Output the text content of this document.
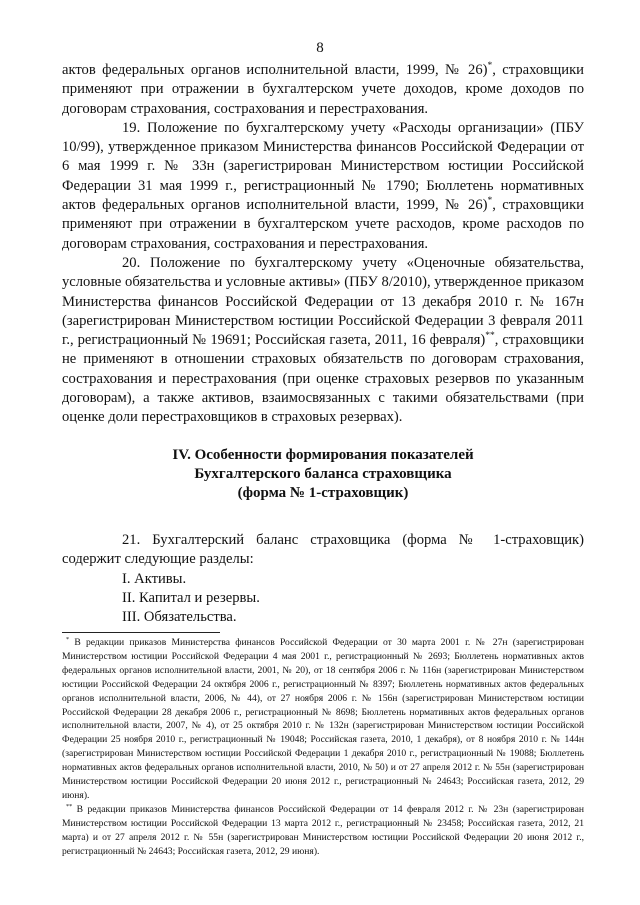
8

актов федеральных органов исполнительной власти, 1999, № 26)*, страховщики применяют при отражении в бухгалтерском учете доходов, кроме доходов по договорам страхования, сострахования и перестрахования.

19. Положение по бухгалтерскому учету «Расходы организации» (ПБУ 10/99), утвержденное приказом Министерства финансов Российской Федерации от 6 мая 1999 г. № 33н (зарегистрирован Министерством юстиции Российской Федерации 31 мая 1999 г., регистрационный № 1790; Бюллетень нормативных актов федеральных органов исполнительной власти, 1999, № 26)*, страховщики применяют при отражении в бухгалтерском учете расходов, кроме расходов по договорам страхования, сострахования и перестрахования.

20. Положение по бухгалтерскому учету «Оценочные обязательства, условные обязательства и условные активы» (ПБУ 8/2010), утвержденное приказом Министерства финансов Российской Федерации от 13 декабря 2010 г. № 167н (зарегистрирован Министерством юстиции Российской Федерации 3 февраля 2011 г., регистрационный № 19691; Российская газета, 2011, 16 февраля)**, страховщики не применяют в отношении страховых обязательств по договорам страхования, сострахования и перестрахования (при оценке страховых резервов по указанным договорам), а также активов, взаимосвязанных с такими обязательствами (при оценке доли перестраховщиков в страховых резервах).

IV. Особенности формирования показателей
Бухгалтерского баланса страховщика
(форма № 1-страховщик)
21. Бухгалтерский баланс страховщика (форма № 1-страховщик) содержит следующие разделы:
I. Активы.
II. Капитал и резервы.
III. Обязательства.

* В редакции приказов Министерства финансов Российской Федерации от 30 марта 2001 г. № 27н (зарегистрирован Министерством юстиции Российской Федерации 4 мая 2001 г., регистрационный № 2693; Бюллетень нормативных актов федеральных органов исполнительной власти, 2001, № 20), от 18 сентября 2006 г. № 116н (зарегистрирован Министерством юстиции Российской Федерации 24 октября 2006 г., регистрационный № 8397; Бюллетень нормативных актов федеральных органов исполнительной власти, 2006, № 44), от 27 ноября 2006 г. № 156н (зарегистрирован Министерством юстиции Российской Федерации 28 декабря 2006 г., регистрационный № 8698; Бюллетень нормативных актов федеральных органов исполнительной власти, 2007, № 4), от 25 октября 2010 г. № 132н (зарегистрирован Министерством юстиции Российской Федерации 25 ноября 2010 г., регистрационный № 19048; Российская газета, 2010, 1 декабря), от 8 ноября 2010 г. № 144н (зарегистрирован Министерством юстиции Российской Федерации 1 декабря 2010 г., регистрационный № 19088; Бюллетень нормативных актов федеральных органов исполнительной власти, 2010, № 50) и от 27 апреля 2012 г. № 55н (зарегистрирован Министерством юстиции Российской Федерации 20 июня 2012 г., регистрационный № 24643; Российская газета, 2012, 29 июня).

** В редакции приказов Министерства финансов Российской Федерации от 14 февраля 2012 г. № 23н (зарегистрирован Министерством юстиции Российской Федерации 13 марта 2012 г., регистрационный № 23458; Российская газета, 2012, 21 марта) и от 27 апреля 2012 г. № 55н (зарегистрирован Министерством юстиции Российской Федерации 20 июня 2012 г., регистрационный № 24643; Российская газета, 2012, 29 июня).
